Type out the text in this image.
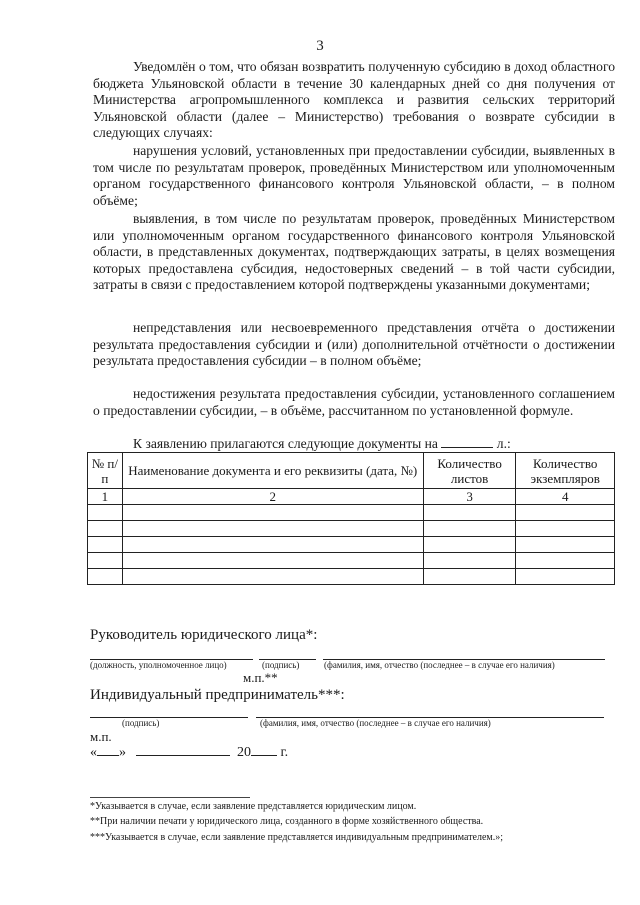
3
Уведомлён о том, что обязан возвратить полученную субсидию в доход областного бюджета Ульяновской области в течение 30 календарных дней со дня получения от Министерства агропромышленного комплекса и развития сельских территорий Ульяновской области (далее – Министерство) требования о возврате субсидии в следующих случаях:
нарушения условий, установленных при предоставлении субсидии, выявленных в том числе по результатам проверок, проведённых Министерством или уполномоченным органом государственного финансового контроля Ульяновской области, – в полном объёме;
выявления, в том числе по результатам проверок, проведённых Министерством или уполномоченным органом государственного финансового контроля Ульяновской области, в представленных документах, подтверждающих затраты, в целях возмещения которых предоставлена субсидия, недостоверных сведений – в той части субсидии, затраты в связи с предоставлением которой подтверждены указанными документами;
непредставления или несвоевременного представления отчёта о достижении результата предоставления субсидии и (или) дополнительной отчётности о достижении результата предоставления субсидии – в полном объёме;
недостижения результата предоставления субсидии, установленного соглашением о предоставлении субсидии, – в объёме, рассчитанном по установленной формуле.
К заявлению прилагаются следующие документы на	л.:
№ п/п	Наименование документа и его реквизиты (дата, №)	Количество листов	Количество экземпляров
1	2	3	4

Руководитель юридического лица*:
(должность, уполномоченное лицо)	(подпись)	(фамилия, имя, отчество (последнее – в случае его наличия)
м.п.**
Индивидуальный предприниматель***:
(подпись)	(фамилия, имя, отчество (последнее – в случае его наличия)
м.п.
« »	20 г.
*Указывается в случае, если заявление представляется юридическим лицом.
**При наличии печати у юридического лица, созданного в форме хозяйственного общества.
***Указывается в случае, если заявление представляется индивидуальным предпринимателем.»;
